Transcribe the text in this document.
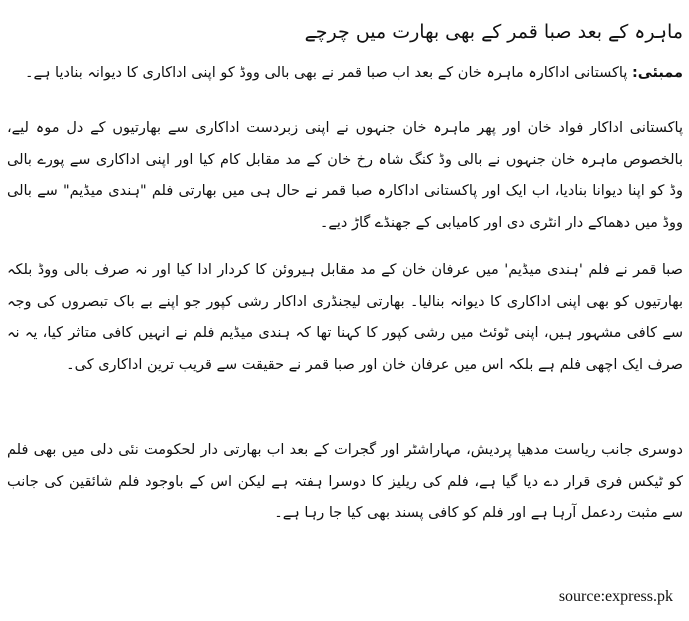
ماہرہ کے بعد صبا قمر کے بھی بھارت میں چرچے

ممبئی: پاکستانی اداکارہ ماہرہ خان کے بعد اب صبا قمر نے بھی بالی ووڈ کو اپنی اداکاری کا دیوانہ بنادیا ہے۔

پاکستانی اداکار فواد خان اور پھر ماہرہ خان جنہوں نے اپنی زبردست اداکاری سے بھارتیوں کے دل موہ لیے، بالخصوص ماہرہ خان جنہوں نے بالی وڈ کنگ شاہ رخ خان کے مد مقابل کام کیا اور اپنی اداکاری سے پورے بالی وڈ کو اپنا دیوانا بنادیا، اب ایک اور پاکستانی اداکارہ صبا قمر نے حال ہی میں بھارتی فلم "ہندی میڈیم" سے بالی ووڈ میں دھماکے دار انٹری دی اور کامیابی کے جھنڈے گاڑ دیے۔

صبا قمر نے فلم 'ہندی میڈیم' میں عرفان خان کے مد مقابل ہیروئن کا کردار ادا کیا اور نہ صرف بالی ووڈ بلکہ بھارتیوں کو بھی اپنی اداکاری کا دیوانہ بنالیا۔ بھارتی لیجنڈری اداکار رشی کپور جو اپنے بے باک تبصروں کی وجہ سے کافی مشہور ہیں، اپنی ٹوئٹ میں رشی کپور کا کہنا تھا کہ ہندی میڈیم فلم نے انہیں کافی متاثر کیا، یہ نہ صرف ایک اچھی فلم ہے بلکہ اس میں عرفان خان اور صبا قمر نے حقیقت سے قریب ترین اداکاری کی۔

دوسری جانب ریاست مدھیا پردیش، مہاراشٹر اور گجرات کے بعد اب بھارتی دار لحکومت نئی دلی میں بھی فلم کو ٹیکس فری قرار دے دیا گیا ہے، فلم کی ریلیز کا دوسرا ہفتہ ہے لیکن اس کے باوجود فلم شائقین کی جانب سے مثبت ردعمل آرہا ہے اور فلم کو کافی پسند بھی کیا جا رہا ہے۔

source:express.pk
